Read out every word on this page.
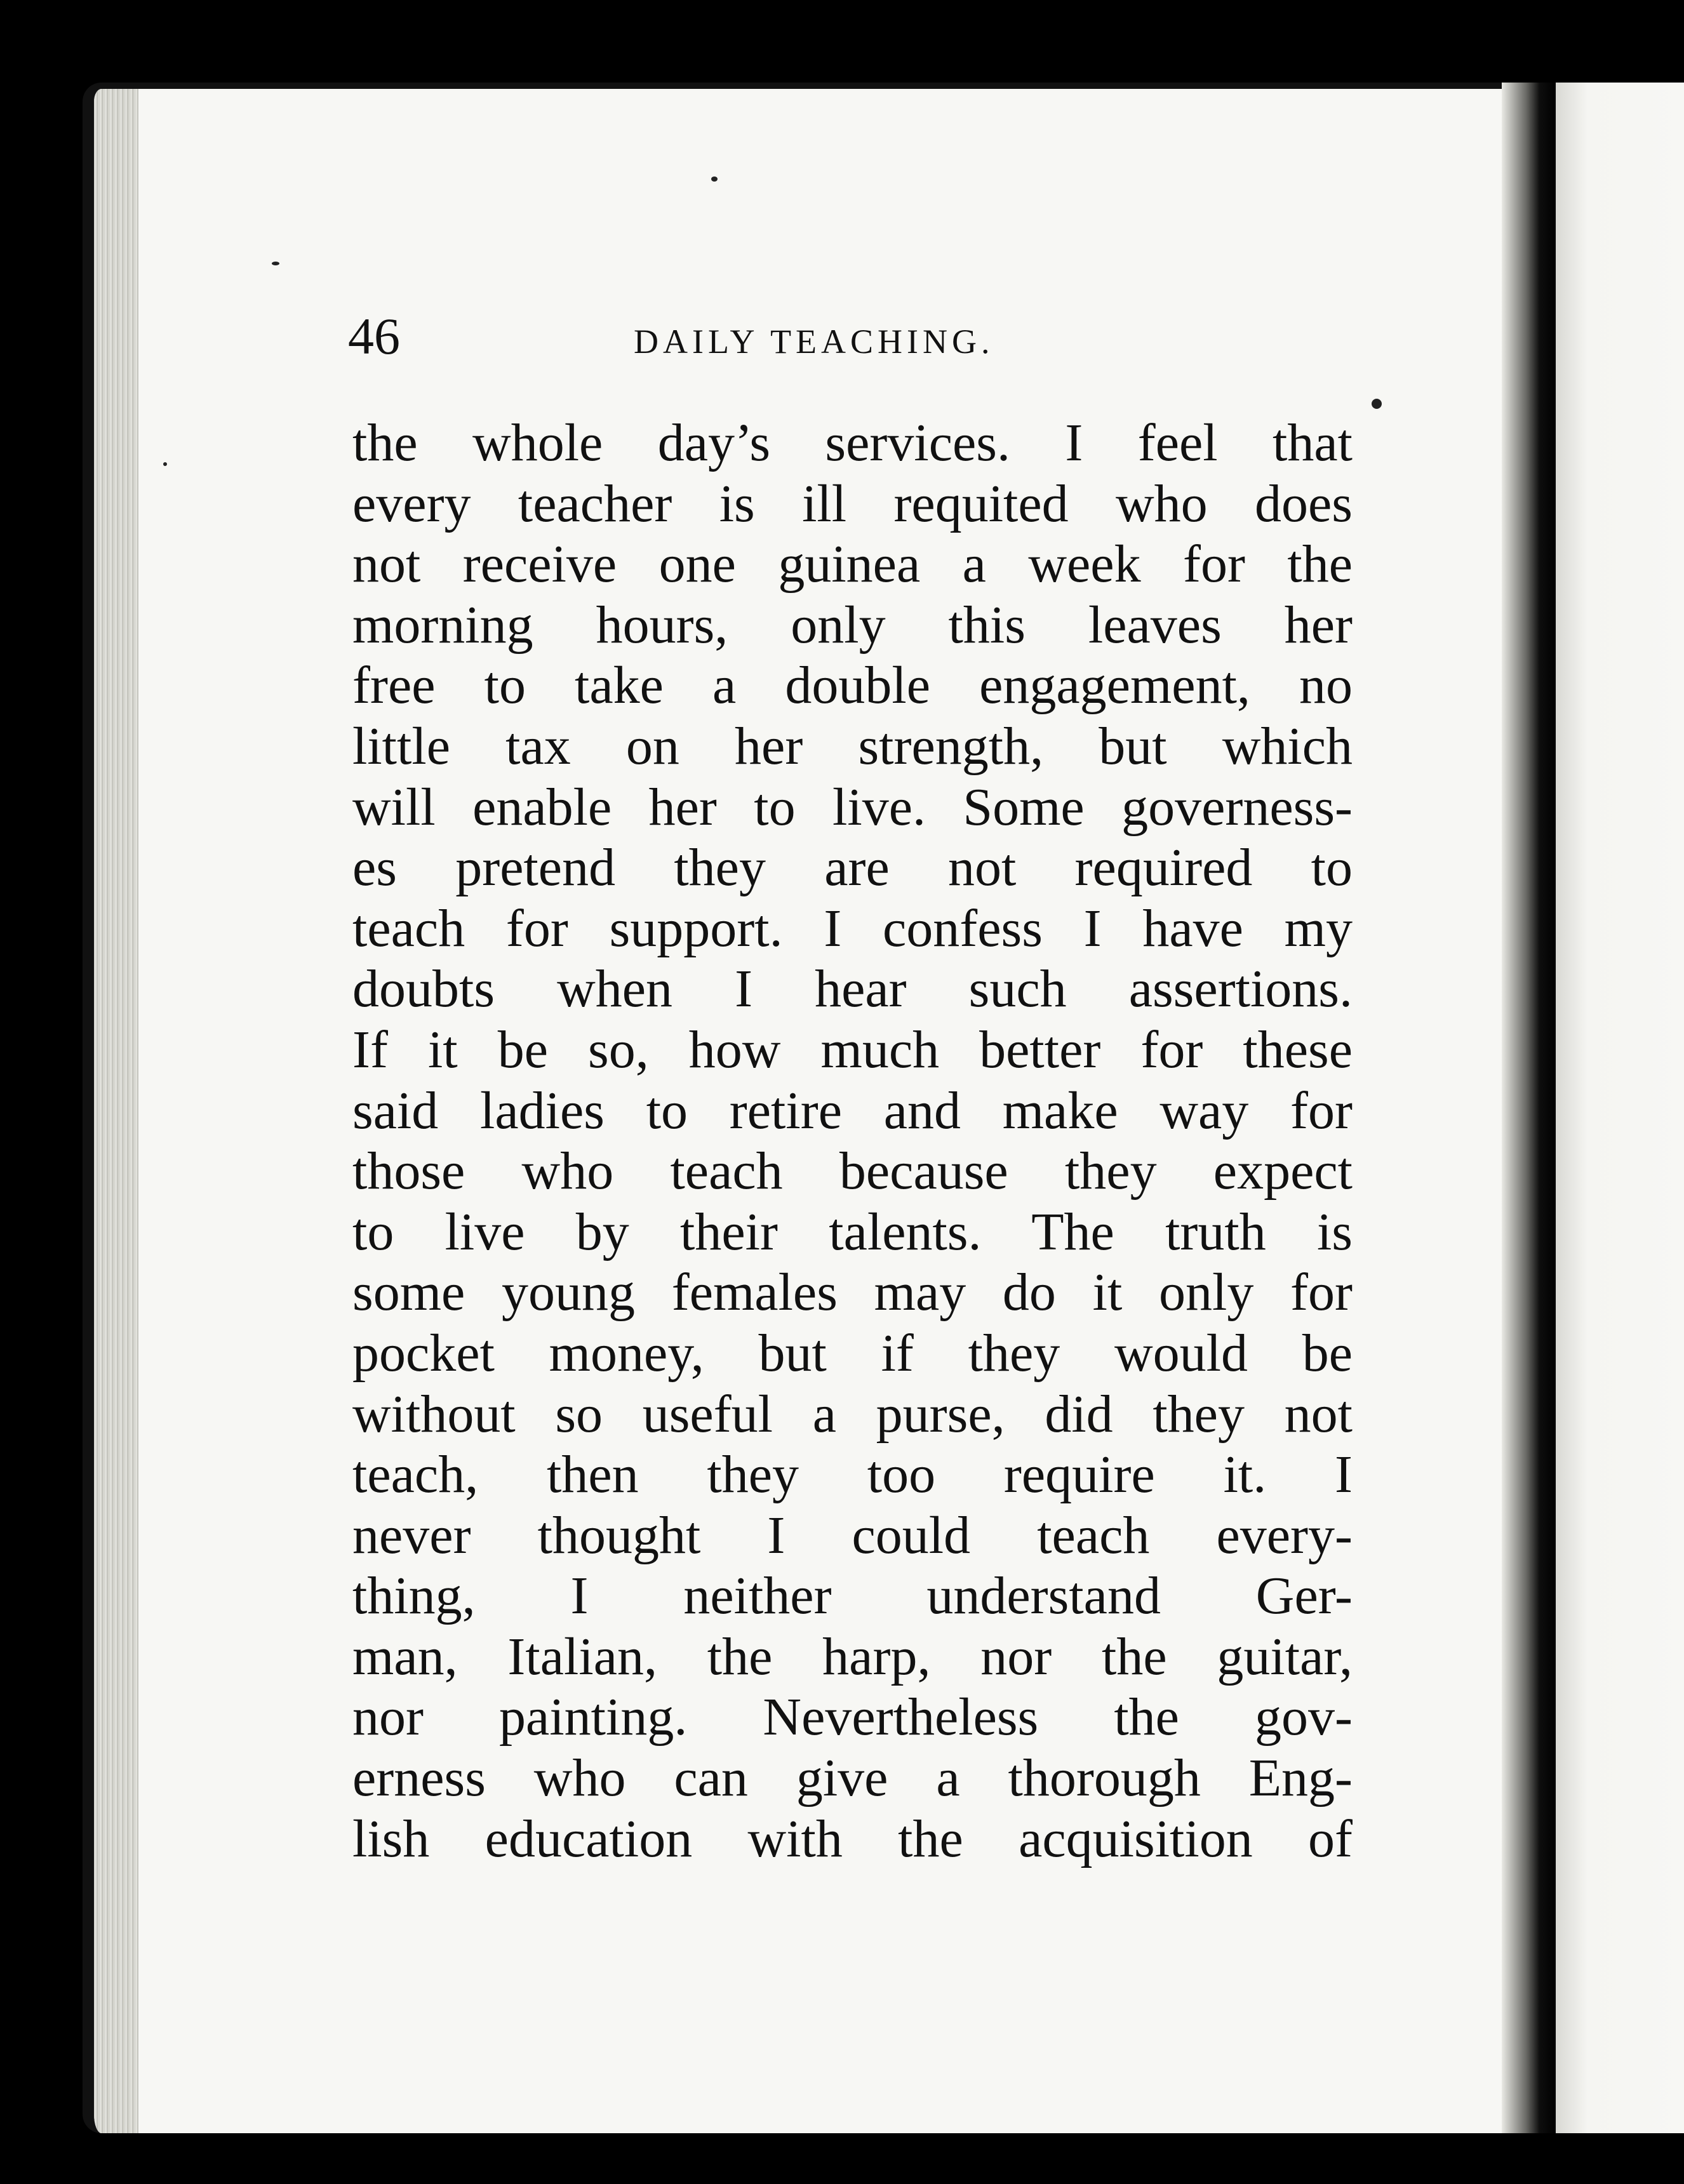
46	DAILY TEACHING.
the whole day’s services. I feel that
every teacher is ill requited who does
not receive one guinea a week for the
morning hours, only this leaves her
free to take a double engagement, no
little tax on her strength, but which
will enable her to live. Some governess-
es pretend they are not required to
teach for support. I confess I have my
doubts when I hear such assertions.
If it be so, how much better for these
said ladies to retire and make way for
those who teach because they expect
to live by their talents. The truth is
some young females may do it only for
pocket money, but if they would be
without so useful a purse, did they not
teach, then they too require it. I
never thought I could teach every-
thing, I neither understand Ger-
man, Italian, the harp, nor the guitar,
nor painting. Nevertheless the gov-
erness who can give a thorough Eng-
lish education with the acquisition of
